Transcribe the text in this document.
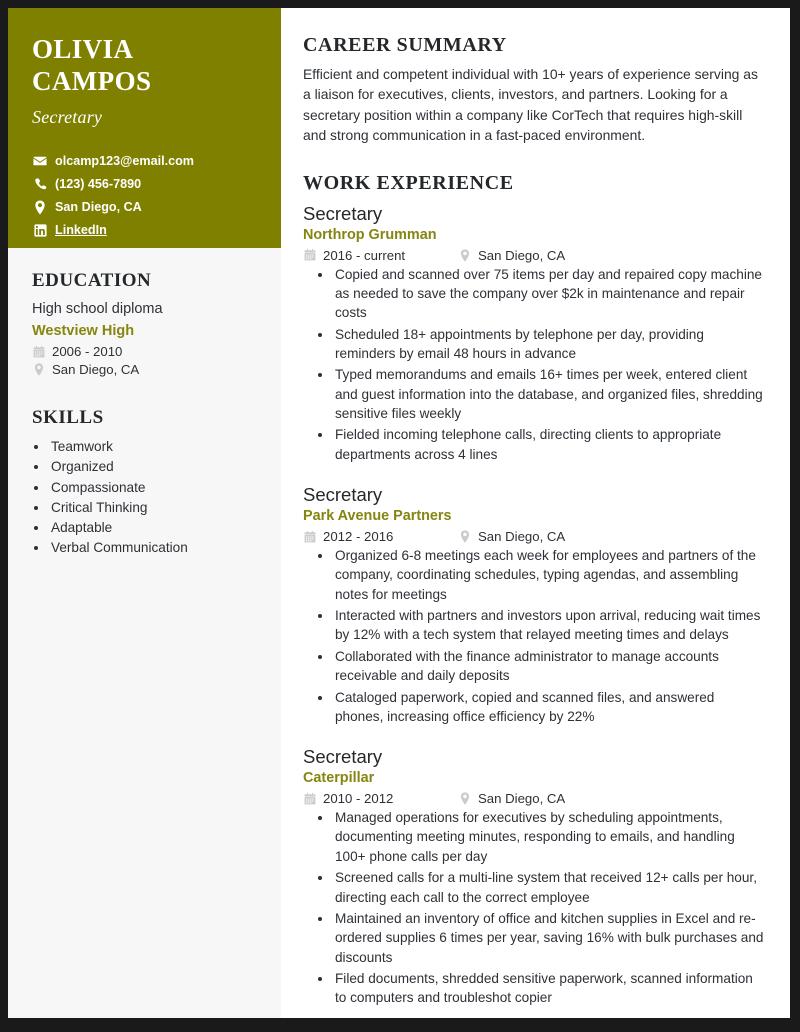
OLIVIA
CAMPOS
Secretary
olcamp123@email.com
(123) 456-7890
San Diego, CA
LinkedIn
EDUCATION
High school diploma
Westview High
2006 - 2010
San Diego, CA
SKILLS
• Teamwork
• Organized
• Compassionate
• Critical Thinking
• Adaptable
• Verbal Communication
CAREER SUMMARY

Efficient and competent individual with 10+ years of experience serving as a liaison for executives, clients, investors, and partners. Looking for a secretary position within a company like CorTech that requires high-skill and strong communication in a fast-paced environment.

WORK EXPERIENCE
Secretary
Northrop Grumman
2016 - current	San Diego, CA
• Copied and scanned over 75 items per day and repaired copy machine as needed to save the company over $2k in maintenance and repair costs
• Scheduled 18+ appointments by telephone per day, providing reminders by email 48 hours in advance
• Typed memorandums and emails 16+ times per week, entered client and guest information into the database, and organized files, shredding sensitive files weekly
• Fielded incoming telephone calls, directing clients to appropriate departments across 4 lines
Secretary
Park Avenue Partners
2012 - 2016	San Diego, CA
• Organized 6-8 meetings each week for employees and partners of the company, coordinating schedules, typing agendas, and assembling notes for meetings
• Interacted with partners and investors upon arrival, reducing wait times by 12% with a tech system that relayed meeting times and delays
• Collaborated with the finance administrator to manage accounts receivable and daily deposits
• Cataloged paperwork, copied and scanned files, and answered phones, increasing office efficiency by 22%
Secretary
Caterpillar
2010 - 2012	San Diego, CA
• Managed operations for executives by scheduling appointments, documenting meeting minutes, responding to emails, and handling 100+ phone calls per day
• Screened calls for a multi-line system that received 12+ calls per hour, directing each call to the correct employee
• Maintained an inventory of office and kitchen supplies in Excel and re-ordered supplies 6 times per year, saving 16% with bulk purchases and discounts
• Filed documents, shredded sensitive paperwork, scanned information to computers and troubleshot copier
